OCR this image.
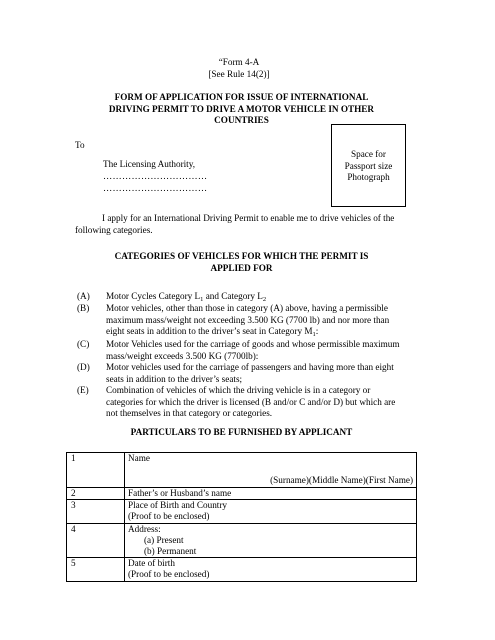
“Form 4-A
[See Rule 14(2)]
FORM OF APPLICATION FOR ISSUE OF INTERNATIONAL
DRIVING PERMIT TO DRIVE A MOTOR VEHICLE IN OTHER
COUNTRIES
To
The Licensing Authority,
……………………………
……………………………
Space for
Passport size
Photograph
I apply for an International Driving Permit to enable me to drive vehicles of the
following categories.
CATEGORIES OF VEHICLES FOR WHICH THE PERMIT IS
APPLIED FOR
(A) Motor Cycles Category $L_1$ and Category $L_2$
(B) Motor vehicles, other than those in category (A) above, having a permissible
maximum mass/weight not exceeding 3.500 KG (7700 lb) and nor more than
eight seats in addition to the driver’s seat in Category $M_1$:
(C) Motor Vehicles used for the carriage of goods and whose permissible maximum
mass/weight exceeds 3.500 KG (7700lb):
(D) Motor vehicles used for the carriage of passengers and having more than eight
seats in addition to the driver’s seats;
(E) Combination of vehicles of which the driving vehicle is in a category or
categories for which the driver is licensed (B and/or C and/or D) but which are
not themselves in that category or categories.
PARTICULARS TO BE FURNISHED BY APPLICANT
1	Name
(Surname)(Middle Name)(First Name)

2	Father’s or Husband’s name

3	Place of Birth and Country
(Proof to be enclosed)

4	Address:
(a) Present
(b) Permanent

5	Date of birth
(Proof to be enclosed)
